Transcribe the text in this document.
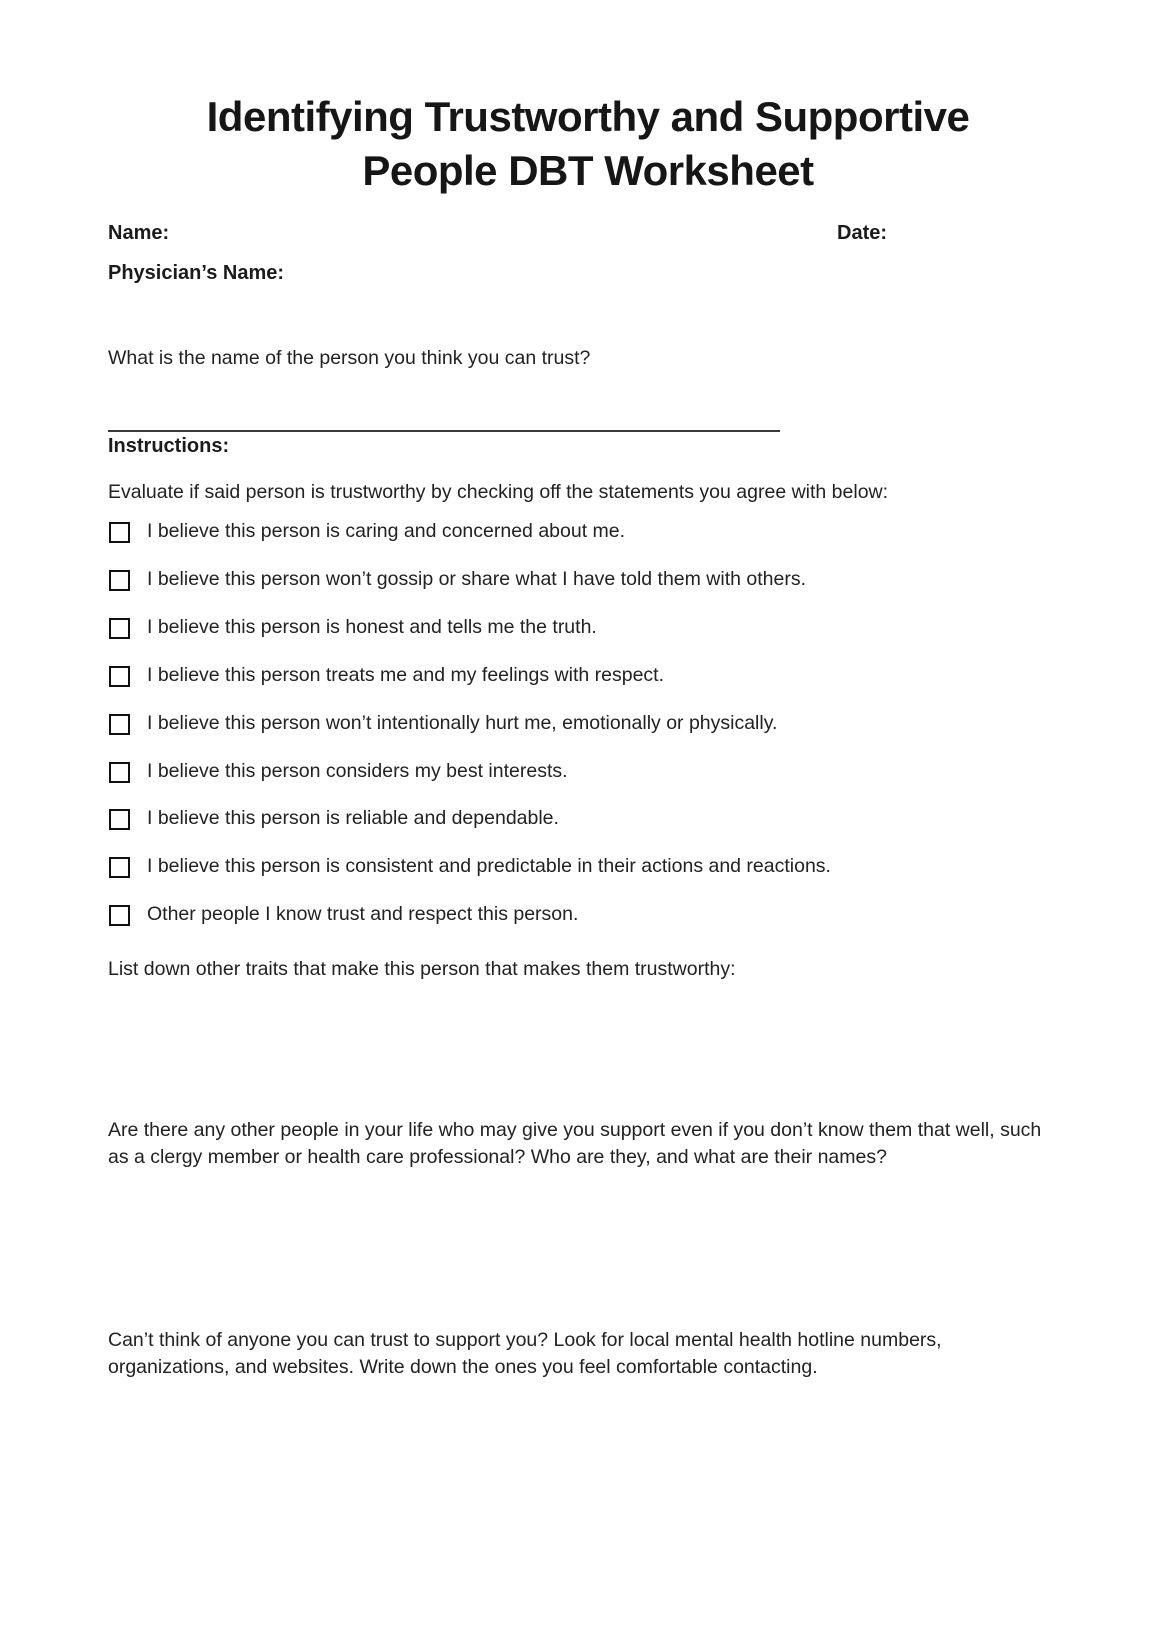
Identifying Trustworthy and Supportive
People DBT Worksheet
Name:	Date:
Physician’s Name:
What is the name of the person you think you can trust?
Instructions:
Evaluate if said person is trustworthy by checking off the statements you agree with below:
I believe this person is caring and concerned about me.
I believe this person won’t gossip or share what I have told them with others.
I believe this person is honest and tells me the truth.
I believe this person treats me and my feelings with respect.
I believe this person won’t intentionally hurt me, emotionally or physically.
I believe this person considers my best interests.
I believe this person is reliable and dependable.
I believe this person is consistent and predictable in their actions and reactions.
Other people I know trust and respect this person.
List down other traits that make this person that makes them trustworthy:
Are there any other people in your life who may give you support even if you don’t know them that well, such as a clergy member or health care professional? Who are they, and what are their names?
Can’t think of anyone you can trust to support you? Look for local mental health hotline numbers, organizations, and websites. Write down the ones you feel comfortable contacting.
